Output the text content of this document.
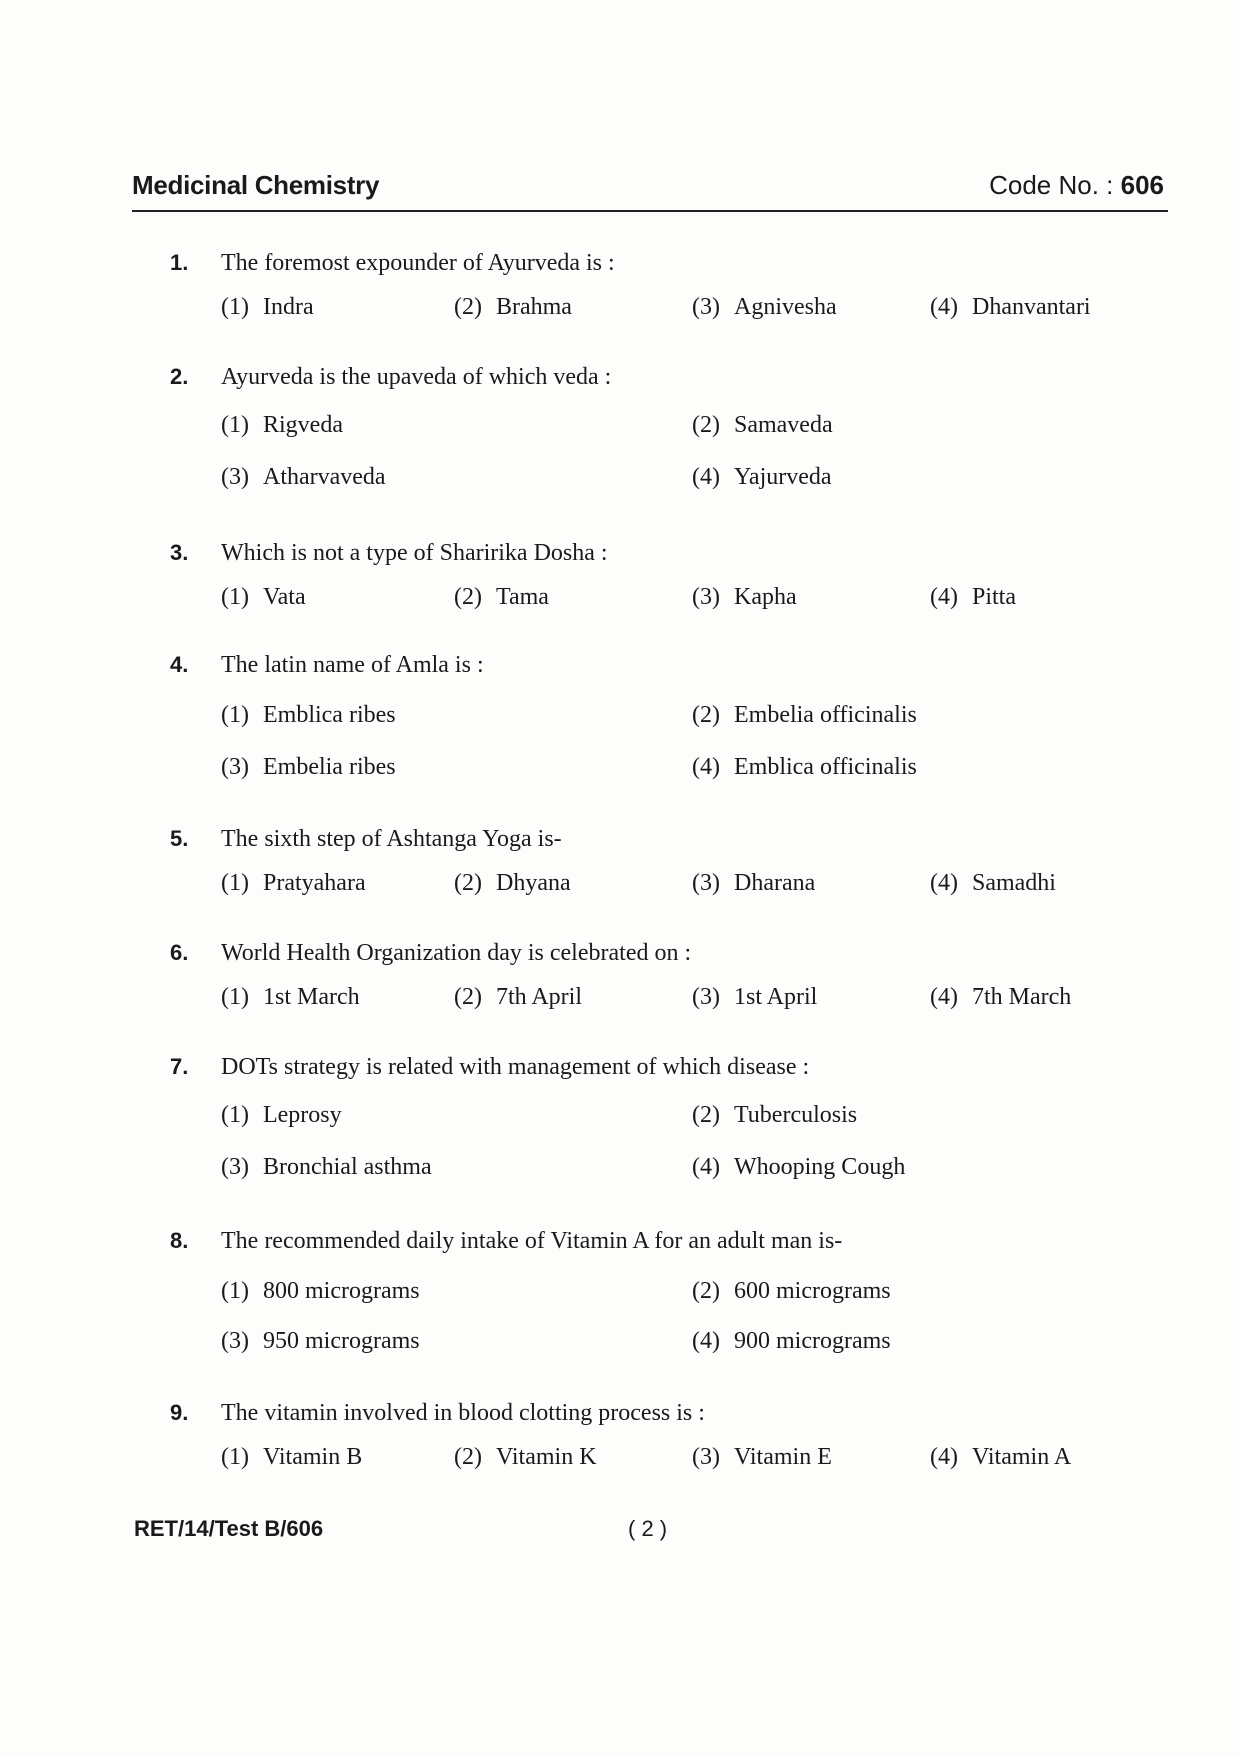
Medicinal Chemistry	Code No. : 606
1. The foremost expounder of Ayurveda is :
(1) Indra	(2) Brahma	(3) Agnivesha	(4) Dhanvantari
2. Ayurveda is the upaveda of which veda :
(1) Rigveda	(2) Samaveda
(3) Atharvaveda	(4) Yajurveda
3. Which is not a type of Sharirika Dosha :
(1) Vata	(2) Tama	(3) Kapha	(4) Pitta
4. The latin name of Amla is :
(1) Emblica ribes	(2) Embelia officinalis
(3) Embelia ribes	(4) Emblica officinalis
5. The sixth step of Ashtanga Yoga is-
(1) Pratyahara	(2) Dhyana	(3) Dharana	(4) Samadhi
6. World Health Organization day is celebrated on :
(1) 1st March	(2) 7th April	(3) 1st April	(4) 7th March
7. DOTs strategy is related with management of which disease :
(1) Leprosy	(2) Tuberculosis
(3) Bronchial asthma	(4) Whooping Cough
8. The recommended daily intake of Vitamin A for an adult man is-
(1) 800 micrograms	(2) 600 micrograms
(3) 950 micrograms	(4) 900 micrograms
9. The vitamin involved in blood clotting process is :
(1) Vitamin B	(2) Vitamin K	(3) Vitamin E	(4) Vitamin A
RET/14/Test B/606	( 2 )
